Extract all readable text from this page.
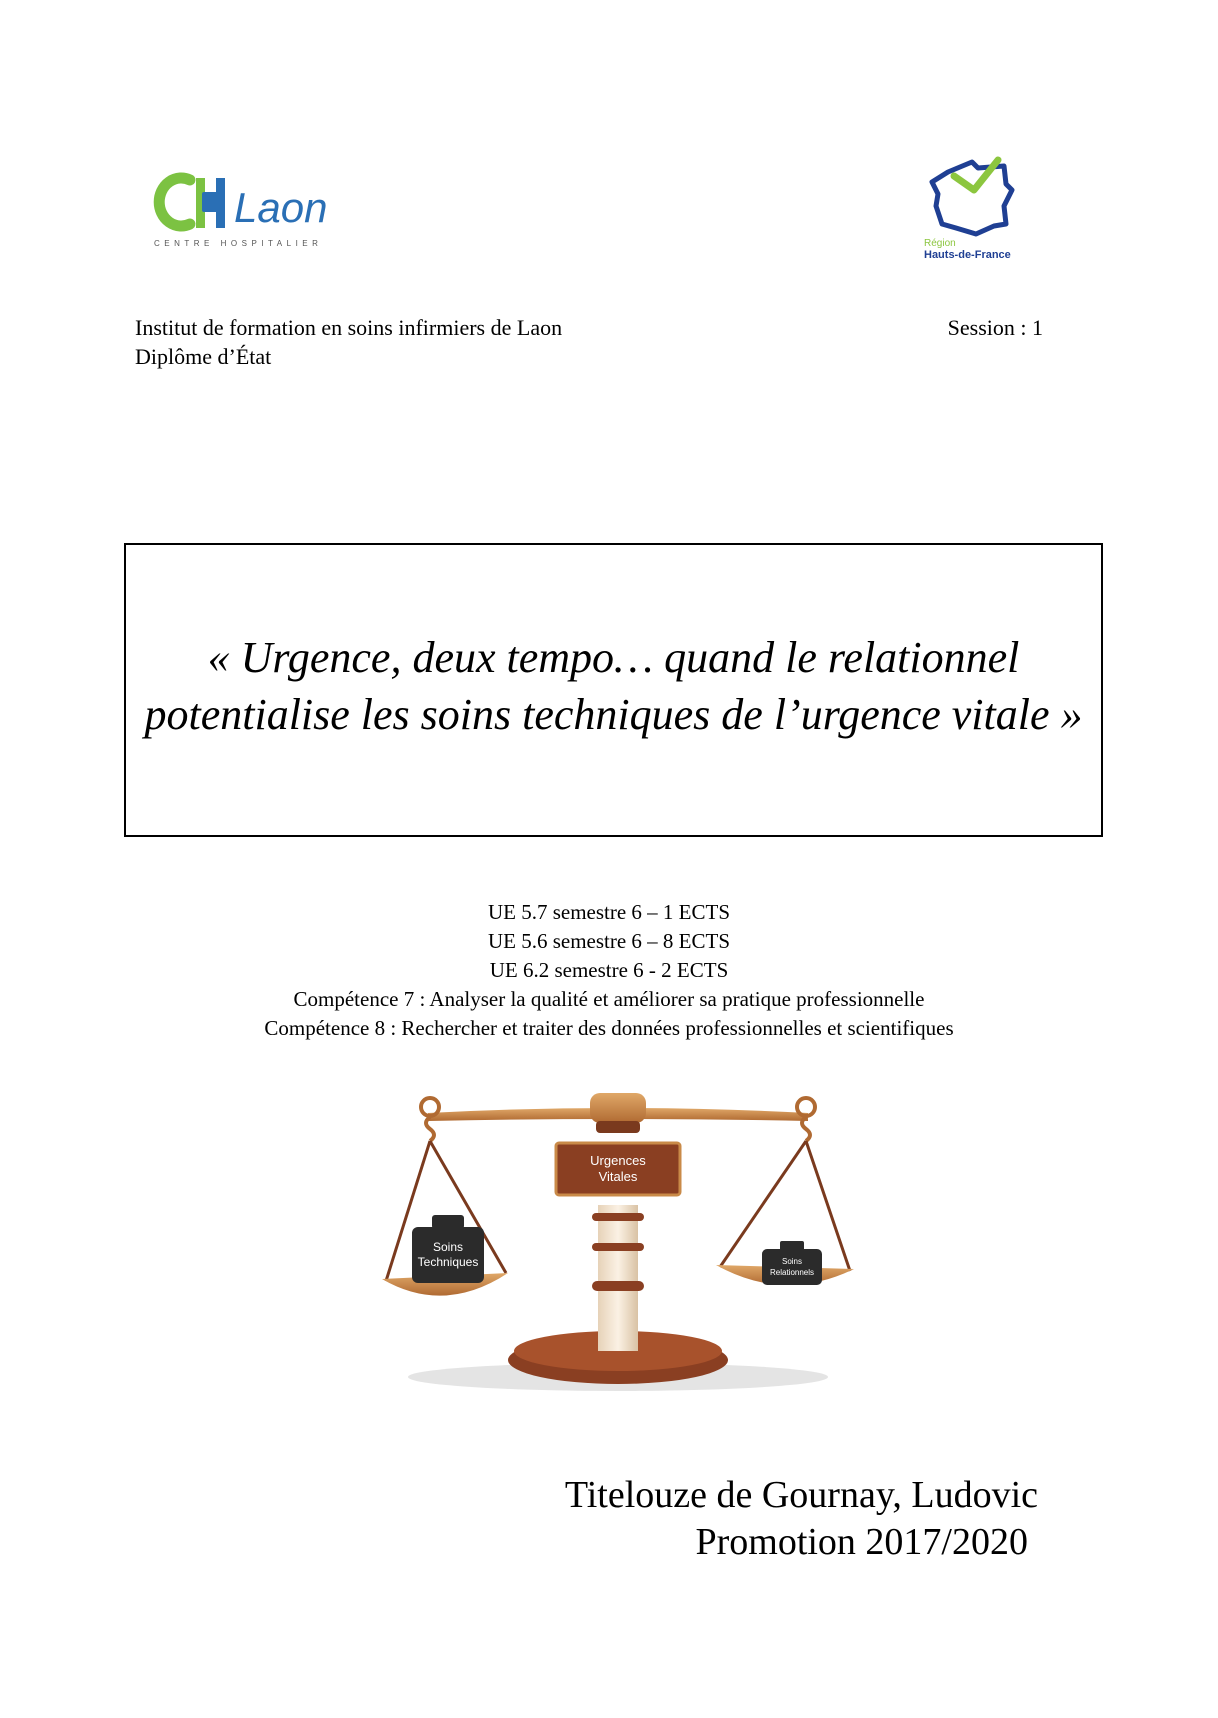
Laon
CENTRE HOSPITALIER	Région
Hauts-de-France
Institut de formation en soins infirmiers de Laon
Diplôme d’État
Session : 1
« Urgence, deux tempo… quand le relationnel potentialise les soins techniques de l’urgence vitale »
UE 5.7 semestre 6 – 1 ECTS
UE 5.6 semestre 6 – 8 ECTS
UE 6.2 semestre 6 - 2 ECTS
Compétence 7 : Analyser la qualité et améliorer sa pratique professionnelle
Compétence 8 : Rechercher et traiter des données professionnelles et scientifiques
Urgences
Vitales
Soins
Techniques	Soins
Relationnels
Titelouze de Gournay, Ludovic
Promotion 2017/2020
